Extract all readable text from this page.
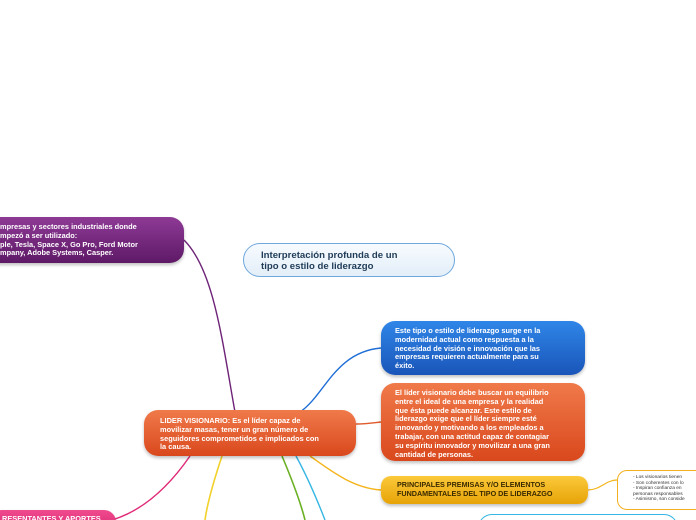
Interpretación profunda de un
tipo o estilo de liderazgo
mpresas y sectores industriales donde
mpezó a ser utilizado:
ple, Tesla, Space X, Go Pro, Ford Motor
mpany, Adobe Systems, Casper.
LIDER VISIONARIO: Es el líder capaz de
movilizar masas, tener un gran número de
seguidores comprometidos e implicados con
la causa.
Este tipo o estilo de liderazgo surge en la
modernidad actual como respuesta a la
necesidad de visión e innovación que las
empresas requieren actualmente para su
éxito.
El líder visionario debe buscar un equilibrio
entre el ideal de una empresa y la realidad
que ésta puede alcanzar. Este estilo de
liderazgo exige que el líder siempre esté
innovando y motivando a los empleados a
trabajar, con una actitud capaz de contagiar
su espíritu innovador y movilizar a una gran
cantidad de personas.
PRINCIPALES PREMISAS Y/O ELEMENTOS
FUNDAMENTALES DEL TIPO DE LIDERAZGO
- Los visionarios tienen
- Son coherentes con lo
- Inspiran confianza en
personas responsables
- Asimismo, son conside
RESENTANTES Y APORTES
